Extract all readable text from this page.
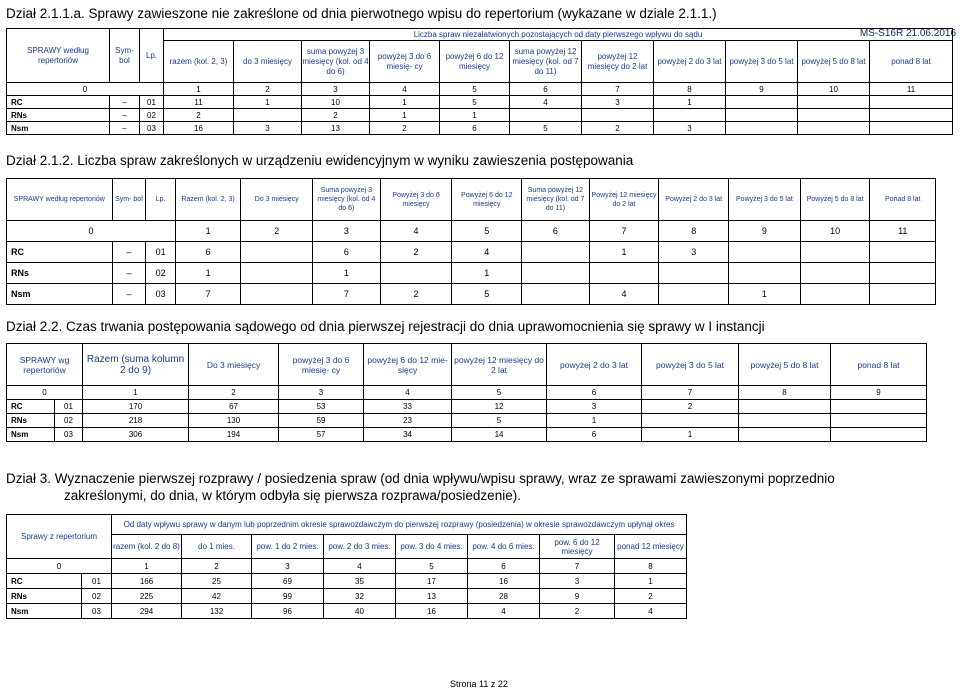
Dział 2.1.1.a. Sprawy zawieszone nie zakreślone od dnia pierwotnego wpisu do repertorium (wykazane w dziale 2.1.1.)
MS-S16R 21.06.2016
SPRAWY według repertoriów	Sym- bol	Lp.	Liczba spraw niezałatwionych pozostających od daty pierwszego wpływu do sądu										
			razem (kol. 2, 3)	do 3 miesięcy	suma powyżej 3 miesięcy (kol. od 4 do 6)	powyżej 3 do 6 miesię- cy	powyżej 6 do 12 miesięcy	suma powyżej 12 miesięcy (kol. od 7 do 11)	powyżej 12 miesięcy do 2 lat	powyżej 2 do 3 lat	powyżej 3 do 5 lat	powyżej 5 do 8 lat	ponad 8 lat
0			1	2	3	4	5	6	7	8	9	10	11
RC	–	01	11	1	10	1	5	4	3	1			
RNs	–	02	2		2	1	1						
Nsm	–	03	16	3	13	2	6	5	2	3			
Dział 2.1.2. Liczba spraw zakreślonych w urządzeniu ewidencyjnym w wyniku zawieszenia postępowania
SPRAWY według repertoriów	Sym- bol	Lp.	Razem (kol. 2, 3)	Do 3 miesięcy	Suma powyżej 3 miesięcy (kol. od 4 do 6)	Powyżej 3 do 6 miesięcy	Powyżej 6 do 12 miesięcy	Suma powyżej 12 miesięcy (kol. od 7 do 11)	Powyżej 12 miesięcy do 2 lat	Powyżej 2 do 3 lat	Powyżej 3 do 5 lat	Powyżej 5 do 8 lat	Ponad 8 lat
0			1	2	3	4	5	6	7	8	9	10	11
RC	–	01	6		6	2	4		1	3			
RNs	–	02	1		1		1						
Nsm	–	03	7		7	2	5		4		1		
Dział 2.2. Czas trwania postępowania sądowego od dnia pierwszej rejestracji do dnia uprawomocnienia się sprawy w I instancji
SPRAWY wg repertoriów		Razem (suma kolumn 2 do 9)	Do 3 miesięcy	powyżej 3 do 6 miesię- cy	powyżej 6 do 12 mie- sięcy	powyżej 12 miesięcy do 2 lat	powyżej 2 do 3 lat	powyżej 3 do 5 lat	powyżej 5 do 8 lat	ponad 8 lat
0		1	2	3	4	5	6	7	8	9
RC	01	170	67	53	33	12	3	2		
RNs	02	218	130	59	23	5	1			
Nsm	03	306	194	57	34	14	6	1		
Dział 3. Wyznaczenie pierwszej rozprawy / posiedzenia spraw (od dnia wpływu/wpisu sprawy, wraz ze sprawami zawieszonymi poprzednio
zakreślonymi, do dnia, w którym odbyła się pierwsza rozprawa/posiedzenie).
Sprawy z repertorium		Od daty wpływu sprawy w danym lub poprzednim okresie sprawozdawczym do pierwszej rozprawy (posiedzenia) w okresie sprawozdawczym upłynął okres							
		razem (kol. 2 do 8)	do 1 mies.	pow. 1 do 2 mies.	pow. 2 do 3 mies.	pow. 3 do 4 mies.	pow. 4 do 6 mies.	pow. 6 do 12 miesięcy	ponad 12 miesięcy
0		1	2	3	4	5	6	7	8
RC	01	166	25	69	35	17	16	3	1
RNs	02	225	42	99	32	13	28	9	2
Nsm	03	294	132	96	40	16	4	2	4
Strona 11 z 22
